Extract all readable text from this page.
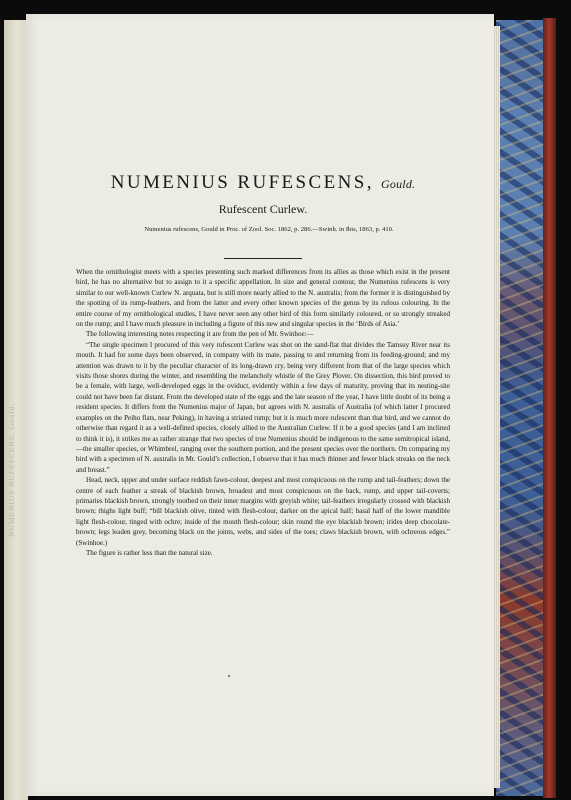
NUMENIUS RUFESCENS, Gould.
NUMENIUS RUFESCENS, Gould.
Rufescent Curlew.
Numenius rufescens, Gould in Proc. of Zool. Soc. 1862, p. 286.—Swinh. in Ibis, 1863, p. 410.

When the ornithologist meets with a species presenting such marked differences from its allies as those which exist in the present bird, he has no alternative but to assign to it a specific appellation. In size and general contour, the Numenius rufescens is very similar to our well-known Curlew N. arquata, but is still more nearly allied to the N. australis; from the former it is distinguished by the spotting of its rump-feathers, and from the latter and every other known species of the genus by its rufous colouring. In the entire course of my ornithological studies, I have never seen any other bird of this form similarly coloured, or so strongly streaked on the rump; and I have much pleasure in including a figure of this new and singular species in the ‘Birds of Asia.’

The following interesting notes respecting it are from the pen of Mr. Swinhoe:—

“The single specimen I procured of this very rufescent Curlew was shot on the sand-flat that divides the Tamsuy River near its mouth. It had for some days been observed, in company with its mate, passing to and returning from its feeding-ground; and my attention was drawn to it by the peculiar character of its long-drawn cry, being very different from that of the large species which visits those shores during the winter, and resembling the melancholy whistle of the Grey Plover. On dissection, this bird proved to be a female, with large, well-developed eggs in the oviduct, evidently within a few days of maturity, proving that its nesting-site could not have been far distant. From the developed state of the eggs and the late season of the year, I have little doubt of its being a resident species. It differs from the Numenius major of Japan, but agrees with N. australis of Australia (of which latter I procured examples on the Peiho flats, near Peking), in having a striated rump; but it is much more rufescent than that bird, and we cannot do otherwise than regard it as a well-defined species, closely allied to the Australian Curlew. If it be a good species (and I am inclined to think it is), it strikes me as rather strange that two species of true Numenius should be indigenous to the same semitropical island,—the smaller species, or Whimbrel, ranging over the southern portion, and the present species over the northern. On comparing my bird with a specimen of N. australis in Mr. Gould’s collection, I observe that it has much thinner and fewer black streaks on the neck and breast.”

Head, neck, upper and under surface reddish fawn-colour, deepest and most conspicuous on the rump and tail-feathers; down the centre of each feather a streak of blackish brown, broadest and most conspicuous on the back, rump, and upper tail-coverts; primaries blackish brown, strongly toothed on their inner margins with greyish white; tail-feathers irregularly crossed with blackish brown; thighs light buff; “bill blackish olive, tinted with flesh-colour, darker on the apical half; basal half of the lower mandible light flesh-colour, tinged with ochre; inside of the mouth flesh-colour; skin round the eye blackish brown; irides deep chocolate-brown; legs leaden grey, becoming black on the joints, webs, and sides of the toes; claws blackish brown, with ochreous edges.” (Swinhoe.)

The figure is rather less than the natural size.
